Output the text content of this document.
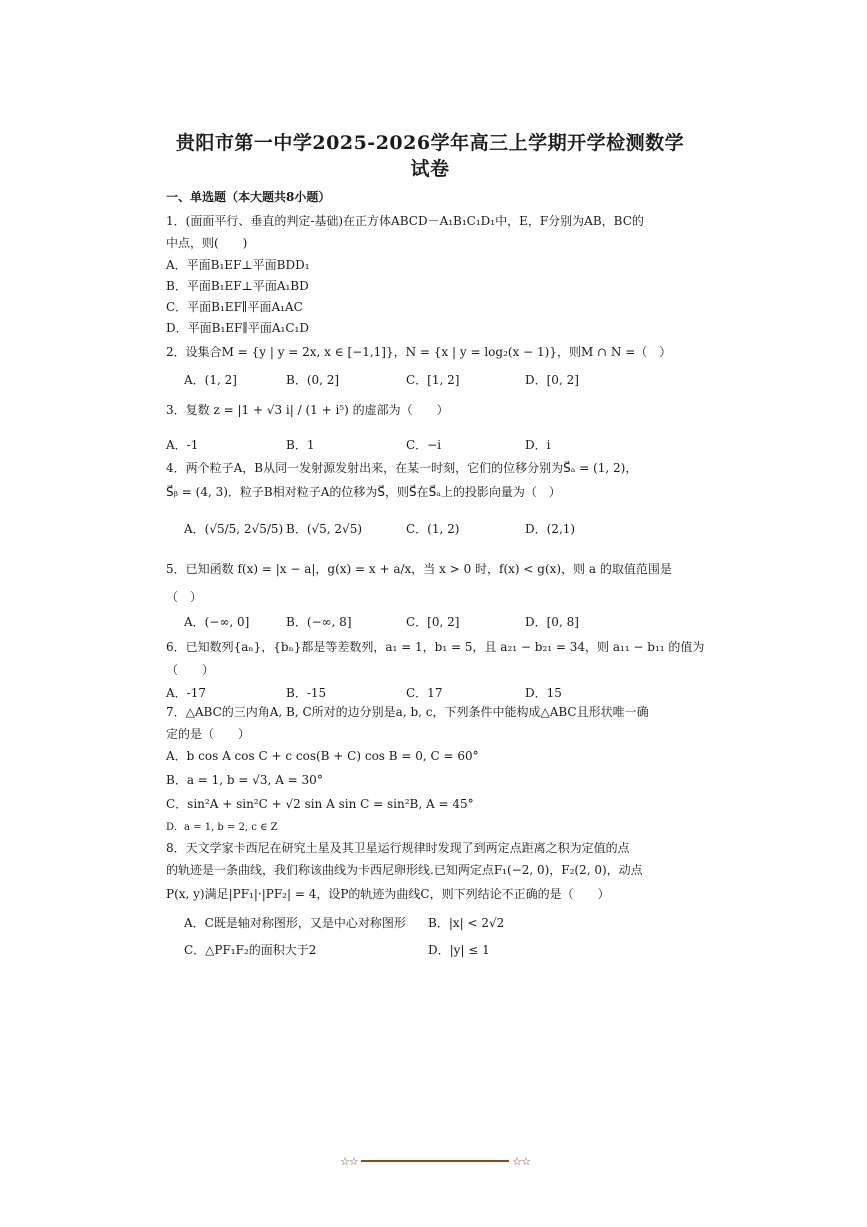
贵阳市第一中学2025-2026学年高三上学期开学检测数学
试卷
一、单选题（本大题共8小题）
1．(面面平行、垂直的判定-基础)在正方体ABCD－A₁B₁C₁D₁中，E，F分别为AB，BC的
中点，则(　　)
A．平面B₁EF⊥平面BDD₁
B．平面B₁EF⊥平面A₁BD
C．平面B₁EF∥平面A₁AC
D．平面B₁EF∥平面A₁C₁D
2．设集合M = {y | y = 2x, x ∈ [−1,1]}，N = {x | y = log₂(x − 1)}，则M ∩ N =（　）
A．(1, 2]	B．(0, 2]	C．[1, 2]	D．[0, 2]
3．复数 z = |1 + √3 i| / (1 + i⁵) 的虚部为（　　）
A．-1	B．1	C．−i	D．i
4．两个粒子A，B从同一发射源发射出来，在某一时刻，它们的位移分别为S⃗ₐ = (1, 2)，
S⃗ᵦ = (4, 3)．粒子B相对粒子A的位移为S⃗，则S⃗在S⃗ₐ上的投影向量为（　）
A．(√5/5, 2√5/5) B．(√5, 2√5)	C．(1, 2)	D．(2,1)
5．已知函数 f(x) = |x − a|，g(x) = x + a/x，当 x > 0 时，f(x) < g(x)，则 a 的取值范围是
（　）
A．(−∞, 0]	B．(−∞, 8]	C．[0, 2]	D．[0, 8]
6．已知数列{aₙ}，{bₙ}都是等差数列，a₁ = 1，b₁ = 5，且 a₂₁ − b₂₁ = 34，则 a₁₁ − b₁₁ 的值为
（　　）
A．-17	B．-15	C．17	D．15
7．△ABC的三内角A, B, C所对的边分别是a, b, c，下列条件中能构成△ABC且形状唯一确
定的是（　　）
A．b cos A cos C + c cos(B + C) cos B = 0, C = 60°
B．a = 1, b = √3, A = 30°
C．sin²A + sin²C + √2 sin A sin C = sin²B, A = 45°
D．a = 1, b = 2, c ∈ Z
8．天文学家卡西尼在研究土星及其卫星运行规律时发现了到两定点距离之积为定值的点
的轨迹是一条曲线，我们称该曲线为卡西尼卵形线.已知两定点F₁(−2, 0)，F₂(2, 0)，动点
P(x, y)满足|PF₁|·|PF₂| = 4，设P的轨迹为曲线C，则下列结论不正确的是（　　）
A．C既是轴对称图形，又是中心对称图形 B．|x| < 2√2
C．△PF₁F₂的面积大于2	D．|y| ≤ 1
☆☆	☆☆
